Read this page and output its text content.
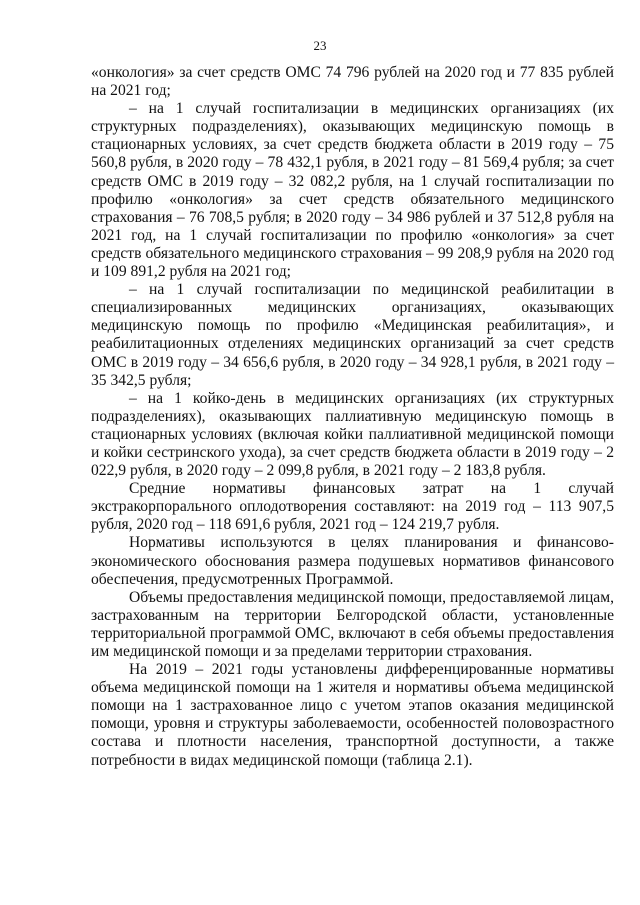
23

«онкология» за счет средств ОМС 74 796 рублей на 2020 год и 77 835 рублей на 2021 год;

– на 1 случай госпитализации в медицинских организациях (их структурных подразделениях), оказывающих медицинскую помощь в стационарных условиях, за счет средств бюджета области в 2019 году – 75 560,8 рубля, в 2020 году – 78 432,1 рубля, в 2021 году – 81 569,4 рубля; за счет средств ОМС в 2019 году – 32 082,2 рубля, на 1 случай госпитализации по профилю «онкология» за счет средств обязательного медицинского страхования – 76 708,5 рубля; в 2020 году – 34 986 рублей и 37 512,8 рубля на 2021 год, на 1 случай госпитализации по профилю «онкология» за счет средств обязательного медицинского страхования – 99 208,9 рубля на 2020 год и 109 891,2 рубля на 2021 год;

– на 1 случай госпитализации по медицинской реабилитации в специализированных медицинских организациях, оказывающих медицинскую помощь по профилю «Медицинская реабилитация», и реабилитационных отделениях медицинских организаций за счет средств ОМС в 2019 году – 34 656,6 рубля, в 2020 году – 34 928,1 рубля, в 2021 году – 35 342,5 рубля;

– на 1 койко-день в медицинских организациях (их структурных подразделениях), оказывающих паллиативную медицинскую помощь в стационарных условиях (включая койки паллиативной медицинской помощи и койки сестринского ухода), за счет средств бюджета области в 2019 году – 2 022,9 рубля, в 2020 году – 2 099,8 рубля, в 2021 году – 2 183,8 рубля.

Средние нормативы финансовых затрат на 1 случай экстракорпорального оплодотворения составляют: на 2019 год – 113 907,5 рубля, 2020 год – 118 691,6 рубля, 2021 год – 124 219,7 рубля.

Нормативы используются в целях планирования и финансово-экономического обоснования размера подушевых нормативов финансового обеспечения, предусмотренных Программой.

Объемы предоставления медицинской помощи, предоставляемой лицам, застрахованным на территории Белгородской области, установленные территориальной программой ОМС, включают в себя объемы предоставления им медицинской помощи и за пределами территории страхования.

На 2019 – 2021 годы установлены дифференцированные нормативы объема медицинской помощи на 1 жителя и нормативы объема медицинской помощи на 1 застрахованное лицо с учетом этапов оказания медицинской помощи, уровня и структуры заболеваемости, особенностей половозрастного состава и плотности населения, транспортной доступности, а также потребности в видах медицинской помощи (таблица 2.1).
